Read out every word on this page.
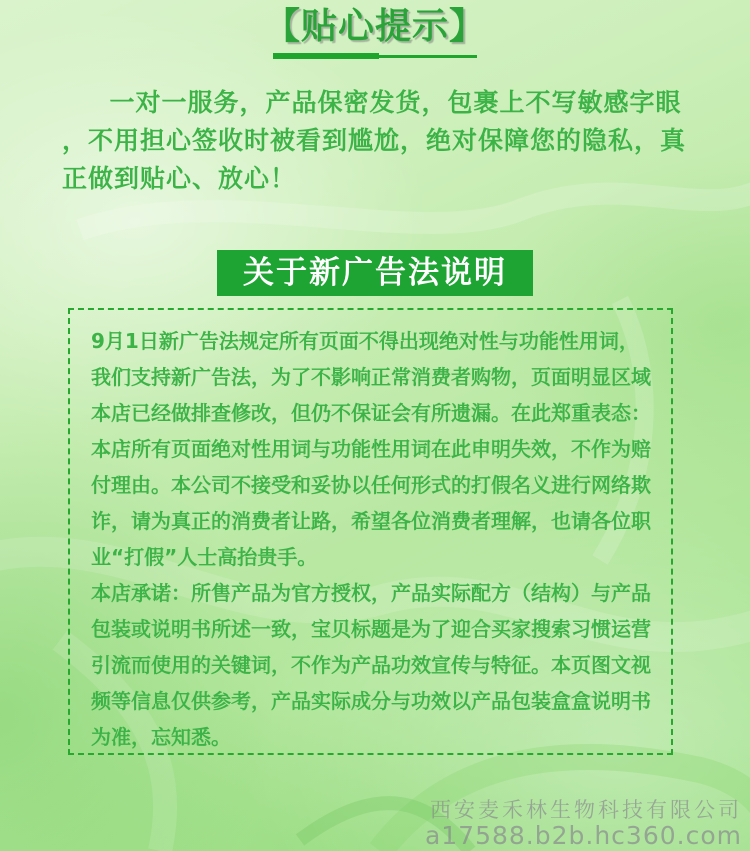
【贴心提示】

一对一服务，产品保密发货，包裹上不写敏感字眼，不用担心签收时被看到尴尬，绝对保障您的隐私，真正做到贴心、放心！

关于新广告法说明

9月1日新广告法规定所有页面不得出现绝对性与功能性用词，我们支持新广告法，为了不影响正常消费者购物，页面明显区域本店已经做排查修改，但仍不保证会有所遗漏。在此郑重表态：本店所有页面绝对性用词与功能性用词在此申明失效，不作为赔付理由。本公司不接受和妥协以任何形式的打假名义进行网络欺诈，请为真正的消费者让路，希望各位消费者理解，也请各位职业“打假”人士高抬贵手。

本店承诺：所售产品为官方授权，产品实际配方（结构）与产品包装或说明书所述一致，宝贝标题是为了迎合买家搜索习惯运营引流而使用的关键词，不作为产品功效宣传与特征。本页图文视频等信息仅供参考，产品实际成分与功效以产品包装盒盒说明书为准，忘知悉。

西安麦禾林生物科技有限公司
a17588.b2b.hc360.com
